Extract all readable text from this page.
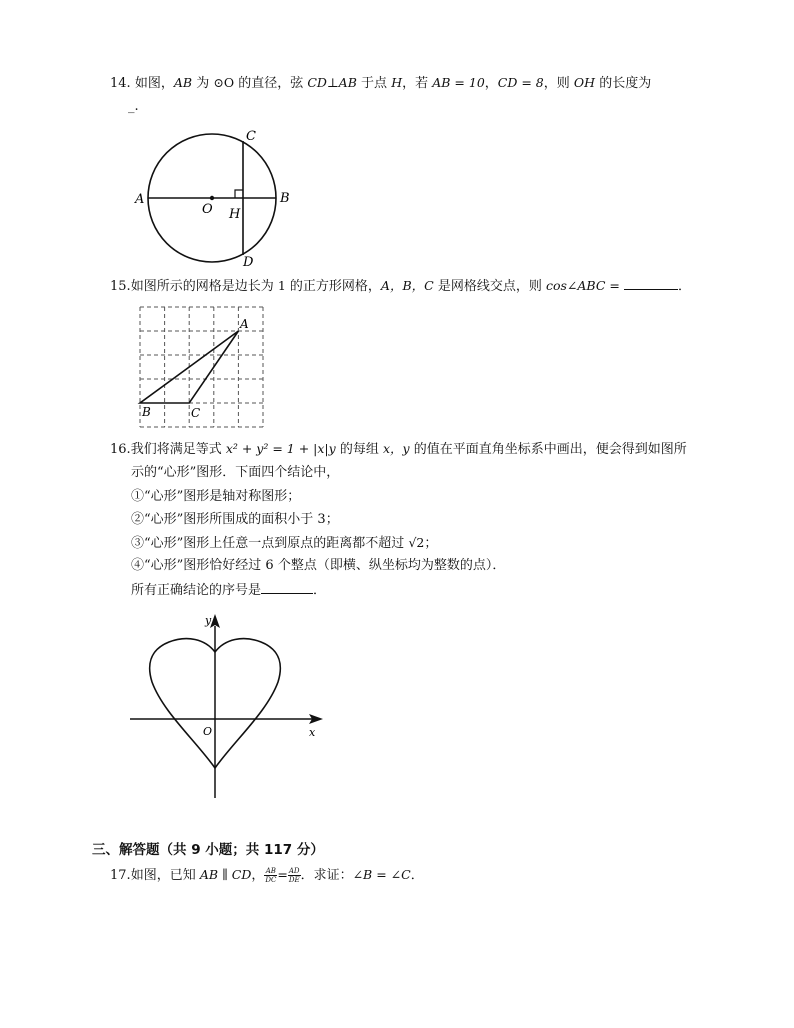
14. 如图，AB 为 ⊙O 的直径，弦 CD⊥AB 于点 H，若 AB = 10，CD = 8，则 OH 的长度为
_.
A	B
C
D
O H
15.如图所示的网格是边长为 1 的正方形网格，A，B，C 是网格线交点，则 cos∠ABC =	．
A
B	C
16.我们将满足等式 x² + y² = 1 + |x|y 的每组 x，y 的值在平面直角坐标系中画出，便会得到如图所
示的“心形”图形．下面四个结论中，
①“心形”图形是轴对称图形；
②“心形”图形所围成的面积小于 3；
③“心形”图形上任意一点到原点的距离都不超过 √2；
④“心形”图形恰好经过 6 个整点（即横、纵坐标均为整数的点）．
所有正确结论的序号是	．
y
x
O
三、解答题（共 9 小题；共 117 分）
17.如图，已知 AB ∥ CD， $\frac{AB}{DC} = \frac{AD}{DE}$ ．求证：∠B = ∠C．
